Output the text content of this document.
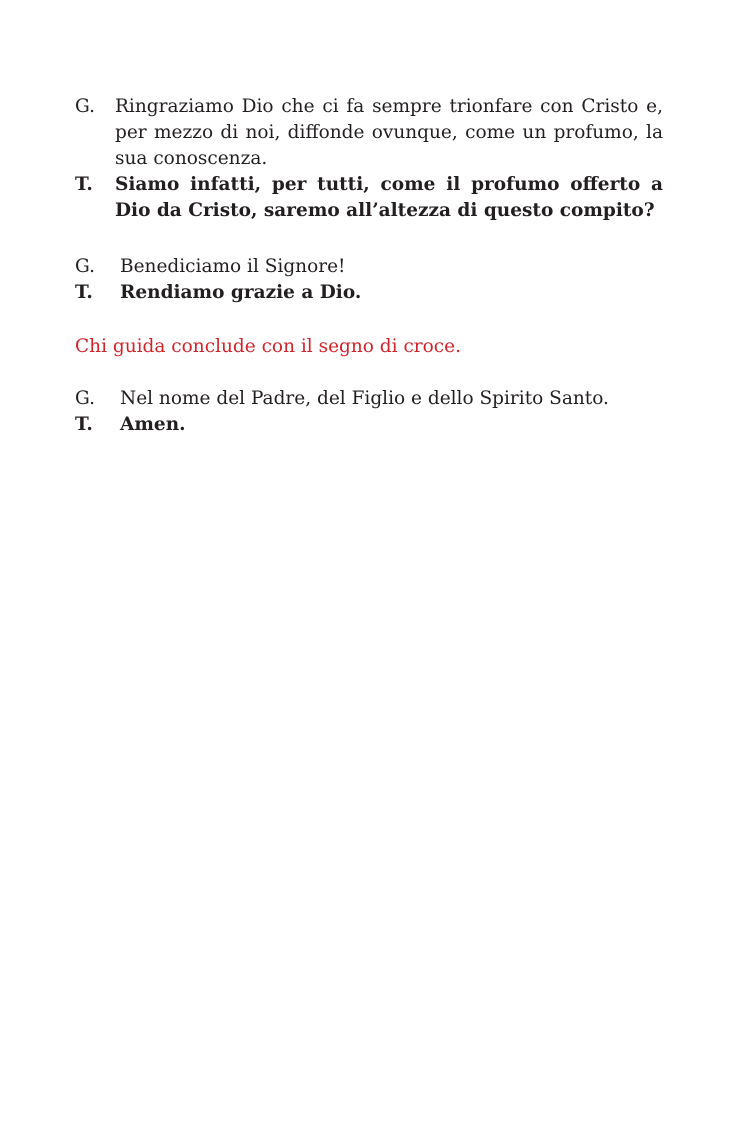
G.	Ringraziamo Dio che ci fa sempre trionfare con Cristo e, per mezzo di noi, diffonde ovunque, come un profumo, la sua conoscenza.
T.	Siamo infatti, per tutti, come il profumo offerto a Dio da Cristo, saremo all’altezza di questo compito?
G.	Benediciamo il Signore!
T.	Rendiamo grazie a Dio.
Chi guida conclude con il segno di croce.
G.	Nel nome del Padre, del Figlio e dello Spirito Santo.
T.	Amen.
